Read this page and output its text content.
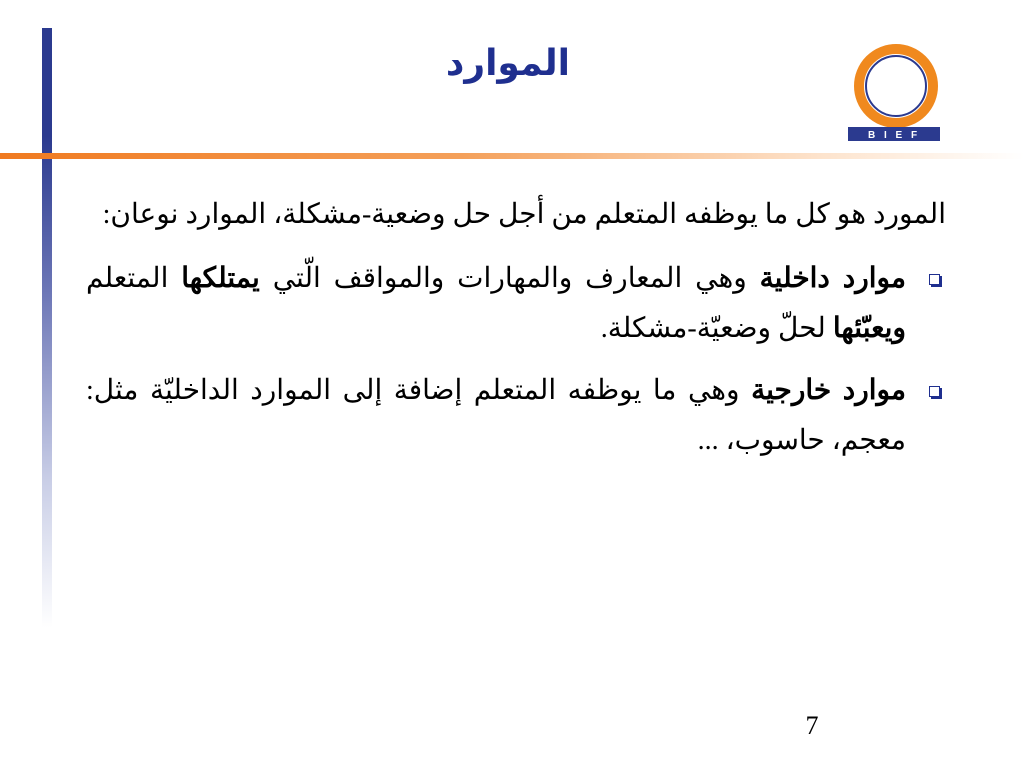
الموارد
B I E F

المورد هو كل ما يوظفه المتعلم من أجل حل وضعية-مشكلة، الموارد نوعان:

موارد داخلية وهي المعارف والمهارات والمواقف الّتي يمتلكها المتعلم ويعبّئها لحلّ وضعيّة-مشكلة.
موارد خارجية وهي ما يوظفه المتعلم إضافة إلى الموارد الداخليّة مثل: معجم، حاسوب، ...
7
